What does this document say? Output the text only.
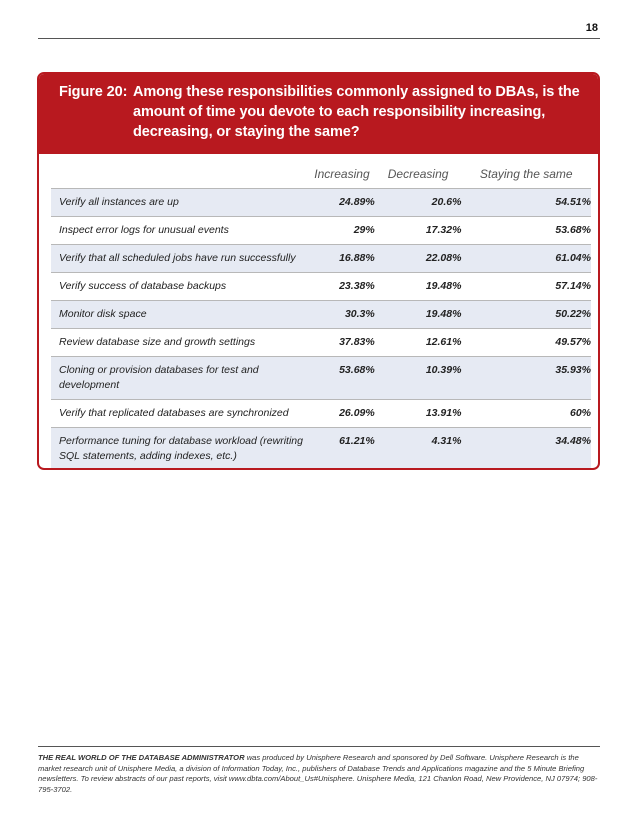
18
Figure 20: Among these responsibilities commonly assigned to DBAs, is the amount of time you devote to each responsibility increasing, decreasing, or staying the same?
	Increasing	Decreasing	Staying the same
Verify all instances are up	24.89%	20.6%	54.51%
Inspect error logs for unusual events	29%	17.32%	53.68%
Verify that all scheduled jobs have run successfully	16.88%	22.08%	61.04%
Verify success of database backups	23.38%	19.48%	57.14%
Monitor disk space	30.3%	19.48%	50.22%
Review database size and growth settings	37.83%	12.61%	49.57%
Cloning or provision databases for test and development	53.68%	10.39%	35.93%
Verify that replicated databases are synchronized	26.09%	13.91%	60%
Performance tuning for database workload (rewriting SQL statements, adding indexes, etc.)	61.21%	4.31%	34.48%
THE REAL WORLD OF THE DATABASE ADMINISTRATOR was produced by Unisphere Research and sponsored by Dell Software. Unisphere Research is the market research unit of Unisphere Media, a division of Information Today, Inc., publishers of Database Trends and Applications magazine and the 5 Minute Briefing newsletters. To review abstracts of our past reports, visit www.dbta.com/About_Us#Unisphere. Unisphere Media, 121 Chanlon Road, New Providence, NJ 07974; 908-795-3702.
